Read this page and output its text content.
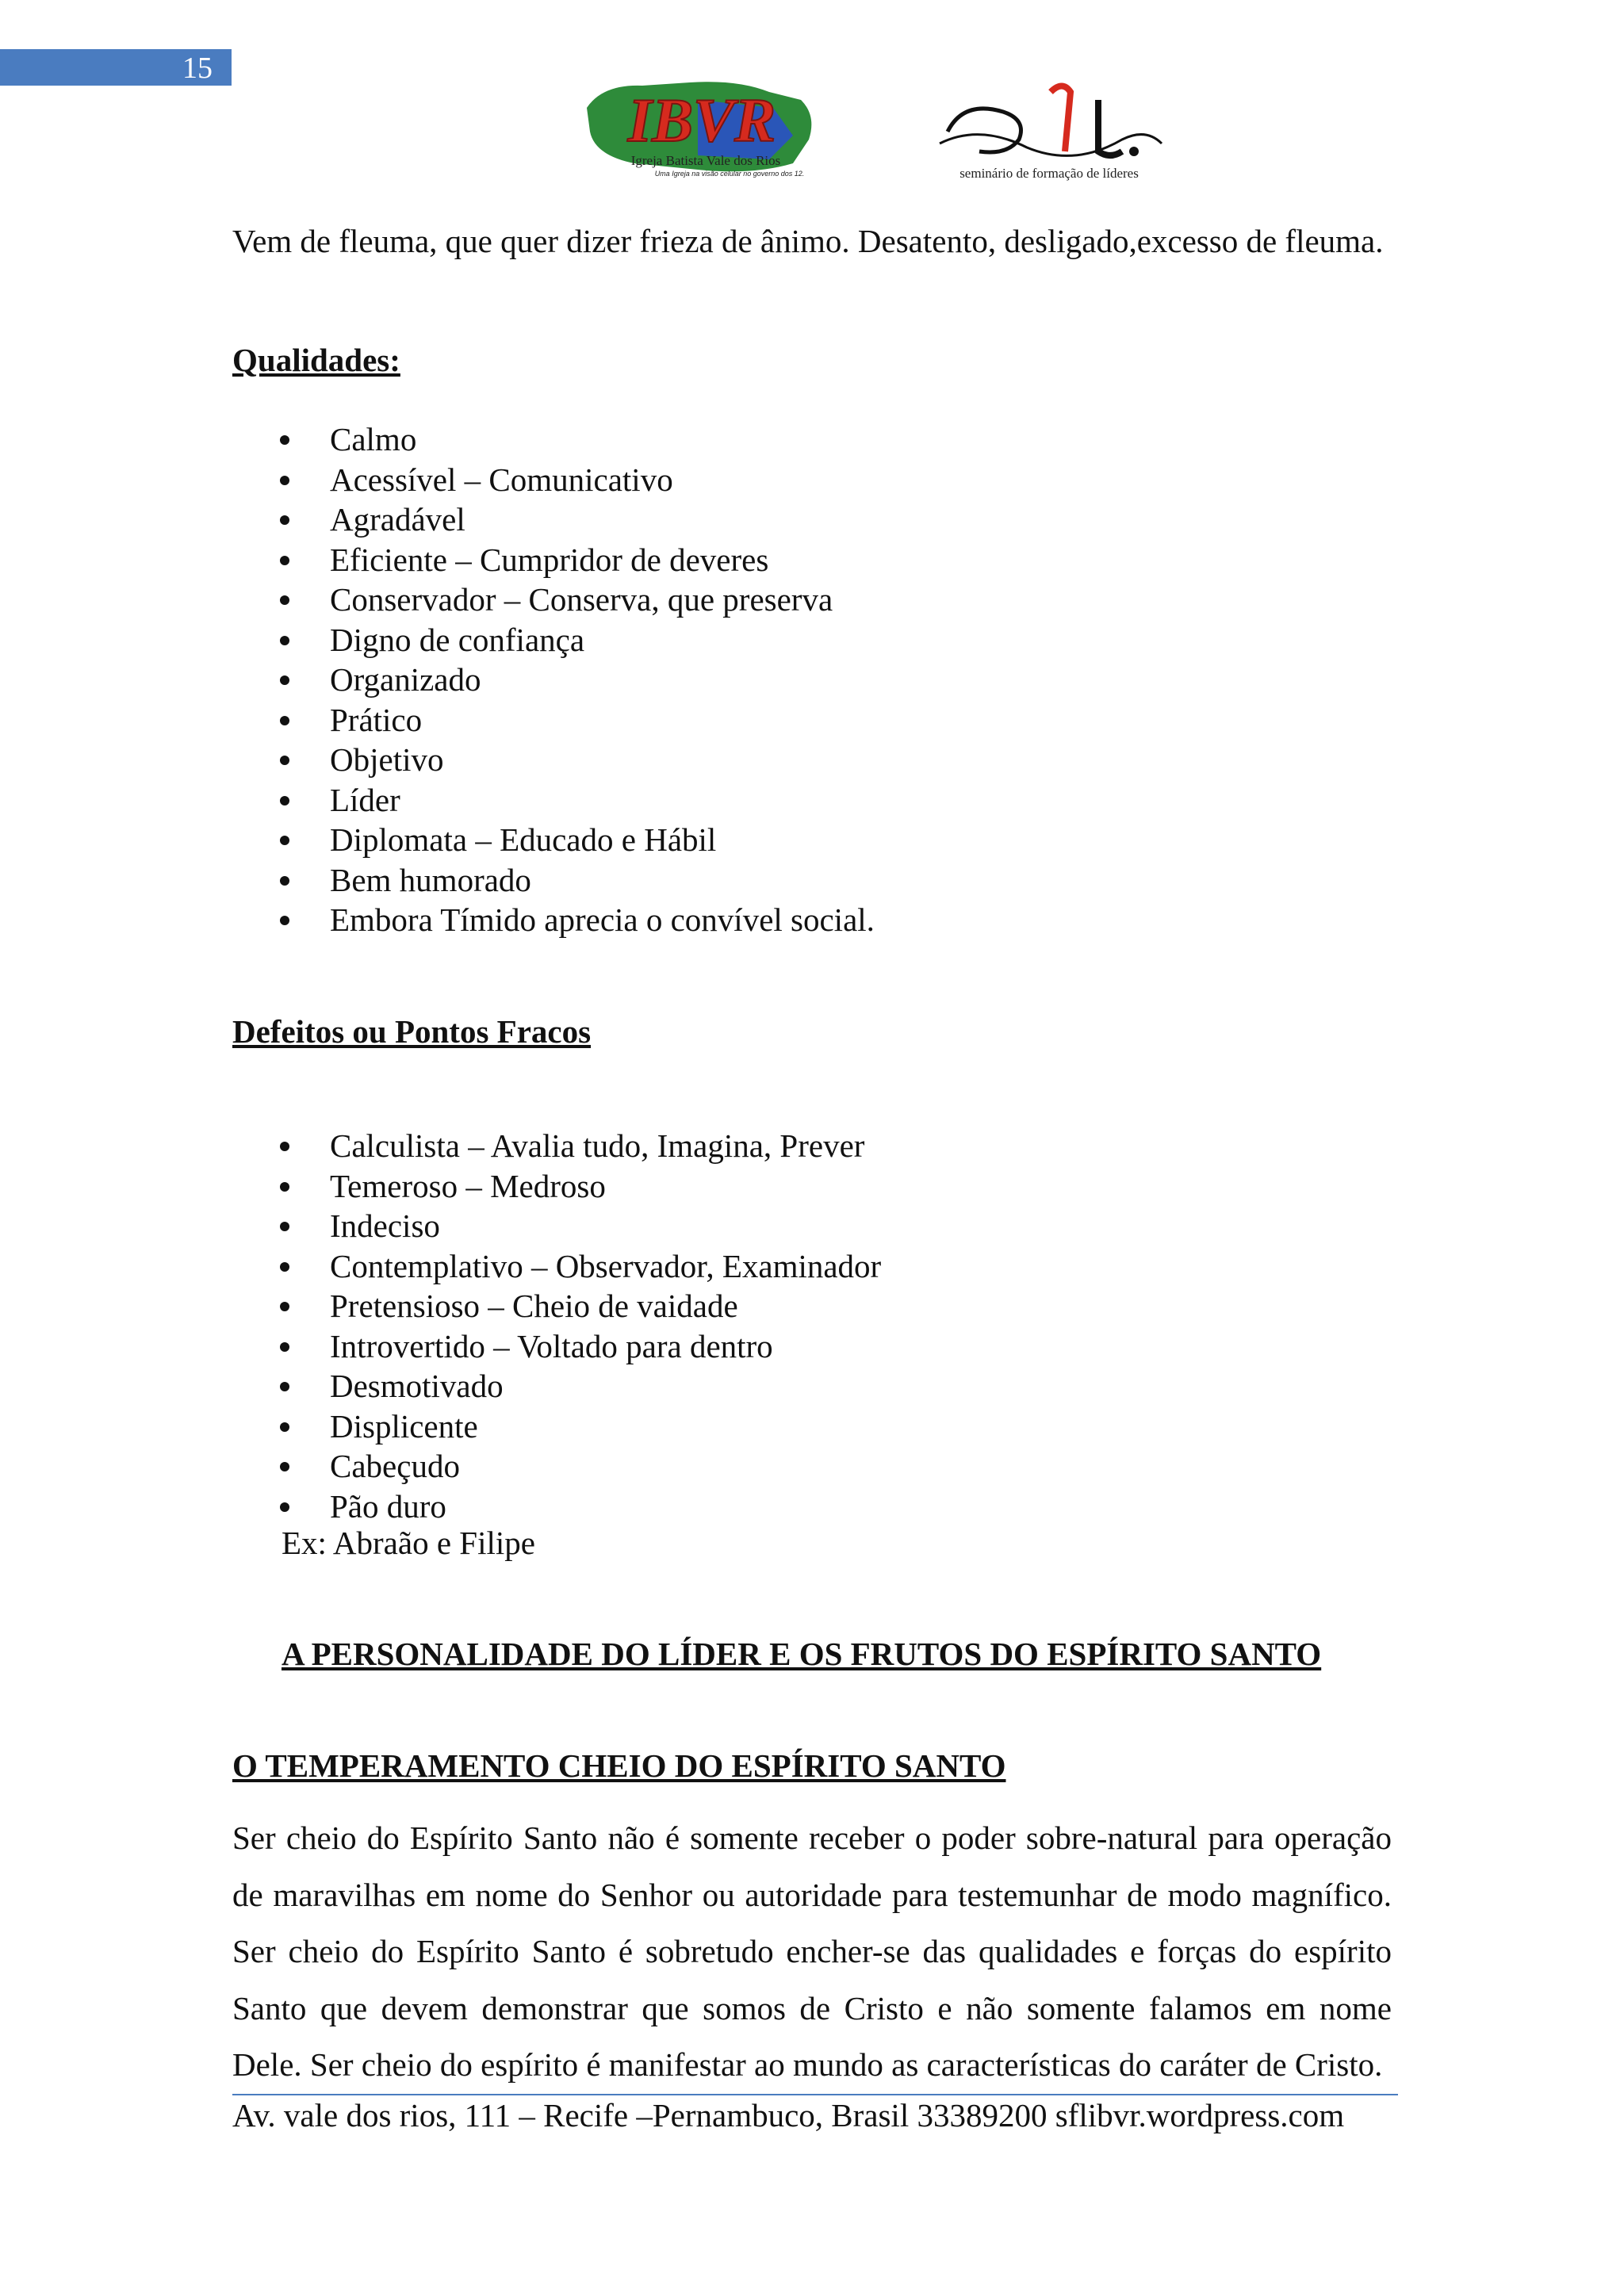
15
IBVR
Igreja Batista Vale dos Rios
Uma Igreja na visão celular no governo dos 12.
sfl
seminário de formação de líderes

Vem de fleuma, que quer dizer frieza de ânimo. Desatento, desligado,excesso de fleuma.

Qualidades:

Calmo
Acessível – Comunicativo
Agradável
Eficiente – Cumpridor de deveres
Conservador – Conserva, que preserva
Digno de confiança
Organizado
Prático
Objetivo
Líder
Diplomata – Educado e Hábil
Bem humorado
Embora Tímido aprecia o convível social.

Defeitos ou Pontos Fracos

Calculista – Avalia tudo, Imagina, Prever
Temeroso – Medroso
Indeciso
Contemplativo – Observador, Examinador
Pretensioso – Cheio de vaidade
Introvertido – Voltado para dentro
Desmotivado
Displicente
Cabeçudo
Pão duro

Ex: Abraão e Filipe

A PERSONALIDADE DO LÍDER E OS FRUTOS DO ESPÍRITO SANTO

O TEMPERAMENTO CHEIO DO ESPÍRITO SANTO

Ser cheio do Espírito Santo não é somente receber o poder sobre-natural para operação de maravilhas em nome do Senhor ou autoridade para testemunhar de modo magnífico. Ser cheio do Espírito Santo é sobretudo encher-se das qualidades e forças do espírito Santo que devem demonstrar que somos de Cristo e não somente falamos em nome Dele. Ser cheio do espírito é manifestar ao mundo as características do caráter de Cristo.

Av. vale dos rios, 111 – Recife –Pernambuco, Brasil 33389200 sflibvr.wordpress.com
